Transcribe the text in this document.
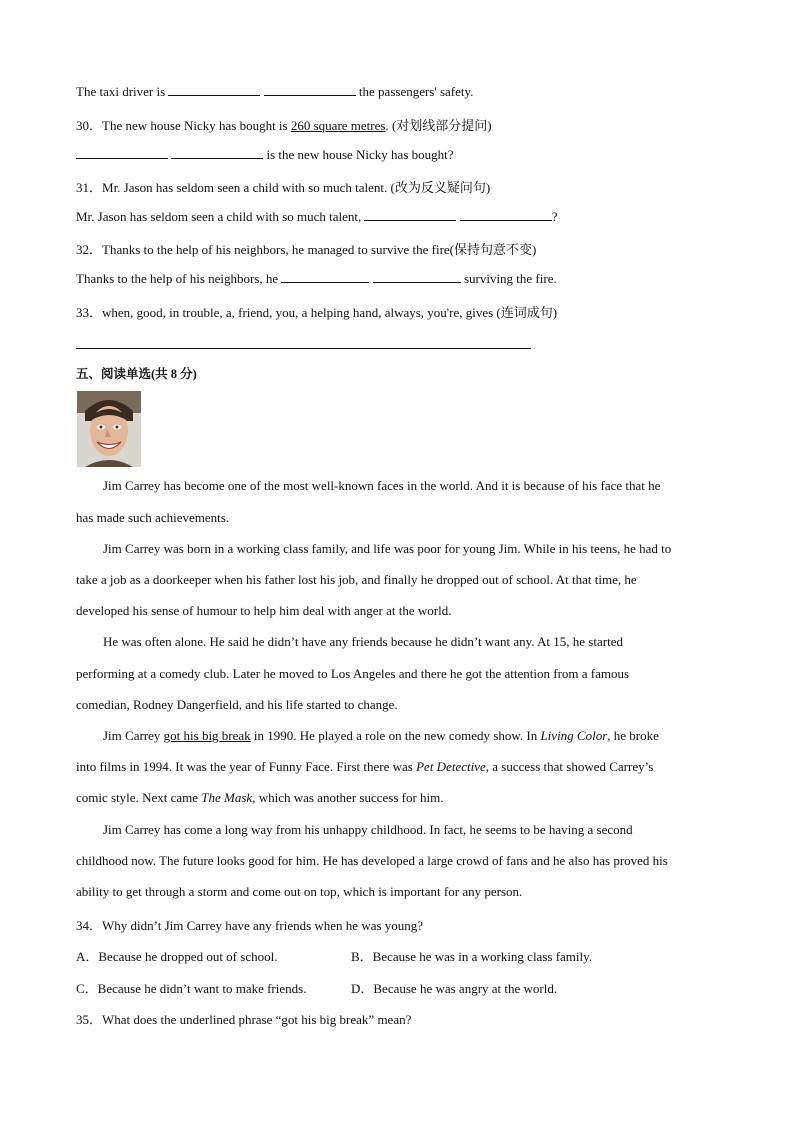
The taxi driver is	the passengers' safety.
30．The new house Nicky has bought is 260 square metres. (对划线部分提问)
is the new house Nicky has bought?
31．Mr. Jason has seldom seen a child with so much talent. (改为反义疑问句)
Mr. Jason has seldom seen a child with so much talent,	?
32．Thanks to the help of his neighbors, he managed to survive the fire(保持句意不变)
Thanks to the help of his neighbors, he	surviving the fire.
33．when, good, in trouble, a, friend, you, a helping hand, always, you're, gives (连词成句)
五、阅读单选(共 8 分)
Jim Carrey has become one of the most well-known faces in the world. And it is because of his face that he
has made such achievements.
Jim Carrey was born in a working class family, and life was poor for young Jim. While in his teens, he had to
take a job as a doorkeeper when his father lost his job, and finally he dropped out of school. At that time, he
developed his sense of humour to help him deal with anger at the world.
He was often alone. He said he didn’t have any friends because he didn’t want any. At 15, he started
performing at a comedy club. Later he moved to Los Angeles and there he got the attention from a famous
comedian, Rodney Dangerfield, and his life started to change.
Jim Carrey got his big break in 1990. He played a role on the new comedy show. In Living Color, he broke
into films in 1994. It was the year of Funny Face. First there was Pet Detective, a success that showed Carrey’s
comic style. Next came The Mask, which was another success for him.
Jim Carrey has come a long way from his unhappy childhood. In fact, he seems to be having a second
childhood now. The future looks good for him. He has developed a large crowd of fans and he also has proved his
ability to get through a storm and come out on top, which is important for any person.
34．Why didn’t Jim Carrey have any friends when he was young?
A．Because he dropped out of school.	B．Because he was in a working class family.
C．Because he didn’t want to make friends.	D．Because he was angry at the world.
35．What does the underlined phrase “got his big break” mean?
